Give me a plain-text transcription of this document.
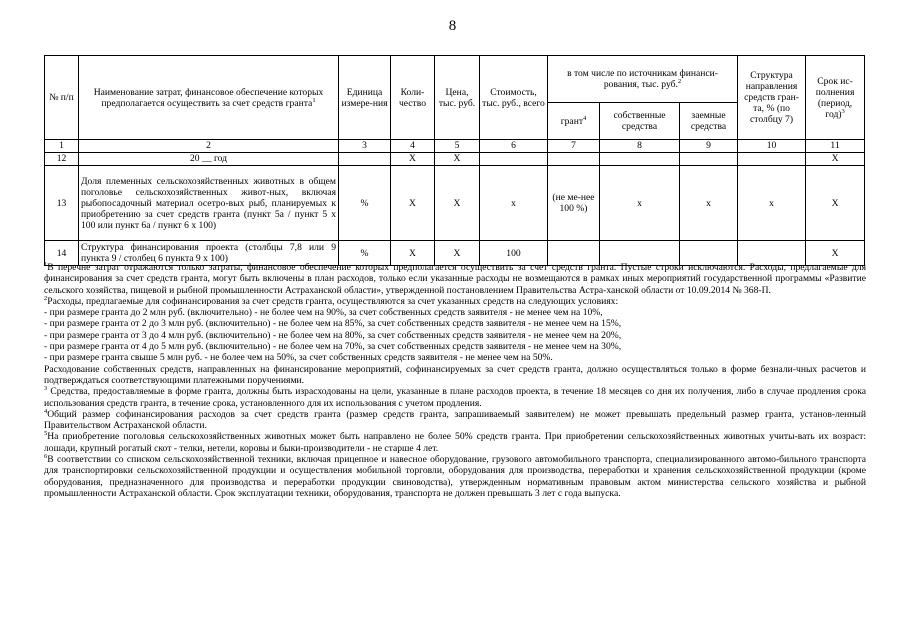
8
№ п/п	Наименование затрат, финансовое обеспечение которых предполагается осуществить за счет средств гранта$^1$	Единица измере-ния	Коли-чество	Цена, тыс. руб.	Стоимость, тыс. руб., всего	в том числе по источникам финанси-рования, тыс. руб.$^2$			Структура направления средств гран-та, % (по столбцу 7)	Срок ис-полнения (период, год)$^3$
						грант$^4$	собственные средства	заемные средства		
1	2	3	4	5	6	7	8	9	10	11
12	20 __ год		Х	Х						Х
13	Доля племенных сельскохозяйственных животных в общем поголовье сельскохозяйственных живот-ных, включая рыбопосадочный материал осетро-вых рыб, планируемых к приобретению за счет средств гранта (пункт 5а / пункт 5 х 100 или пункт 6а / пункт 6 х 100)	%	Х	Х	х	(не ме-нее 100 %)	х	х	х	Х
14	Структура финансирования проекта (столбцы 7,8 или 9 пункта 9 / столбец 6 пункта 9 х 100)	%	Х	Х	100					Х

$^1$В перечне затрат отражаются только затраты, финансовое обеспечение которых предполагается осуществить за счет средств гранта. Пустые строки исключаются. Расходы, предлагаемые для финансирования за счет средств гранта, могут быть включены в план расходов, только если указанные расходы не возмещаются в рамках иных мероприятий государственной программы «Развитие сельского хозяйства, пищевой и рыбной промышленности Астраханской области», утвержденной постановлением Правительства Астра-ханской области от 10.09.2014 № 368-П.

$^2$Расходы, предлагаемые для софинансирования за счет средств гранта, осуществляются за счет указанных средств на следующих условиях:

- при размере гранта до 2 млн руб. (включительно) - не более чем на 90%, за счет собственных средств заявителя - не менее чем на 10%,

- при размере гранта от 2 до 3 млн руб. (включительно) - не более чем на 85%, за счет собственных средств заявителя - не менее чем на 15%,

- при размере гранта от 3 до 4 млн руб. (включительно) - не более чем на 80%, за счет собственных средств заявителя - не менее чем на 20%,

- при размере гранта от 4 до 5 млн руб. (включительно) - не более чем на 70%, за счет собственных средств заявителя - не менее чем на 30%,

- при размере гранта свыше 5 млн руб. - не более чем на 50%, за счет собственных средств заявителя - не менее чем на 50%.

Расходование собственных средств, направленных на финансирование мероприятий, софинансируемых за счет средств гранта, должно осуществляться только в форме безнали-чных расчетов и подтверждаться соответствующими платежными поручениями.

$^3$ Средства, предоставляемые в форме гранта, должны быть израсходованы на цели, указанные в плане расходов проекта, в течение 18 месяцев со дня их получения, либо в случае продления срока использования средств гранта, в течение срока, установленного для их использования с учетом продления.

$^4$Общий размер софинансирования расходов за счет средств гранта (размер средств гранта, запрашиваемый заявителем) не может превышать предельный размер гранта, установ-ленный Правительством Астраханской области.

$^5$На приобретение поголовья сельскохозяйственных животных может быть направлено не более 50% средств гранта. При приобретении сельскохозяйственных животных учиты-вать их возраст: лошади, крупный рогатый скот - телки, нетели, коровы и быки-производители - не старше 4 лет.

$^6$В соответствии со списком сельскохозяйственной техники, включая прицепное и навесное оборудование, грузового автомобильного транспорта, специализированного автомо-бильного транспорта для транспортировки сельскохозяйственной продукции и осуществления мобильной торговли, оборудования для производства, переработки и хранения сельскохозяйственной продукции (кроме оборудования, предназначенного для производства и переработки продукции свиноводства), утвержденным нормативным правовым актом министерства сельского хозяйства и рыбной промышленности Астраханской области. Срок эксплуатации техники, оборудования, транспорта не должен превышать 3 лет с года выпуска.
